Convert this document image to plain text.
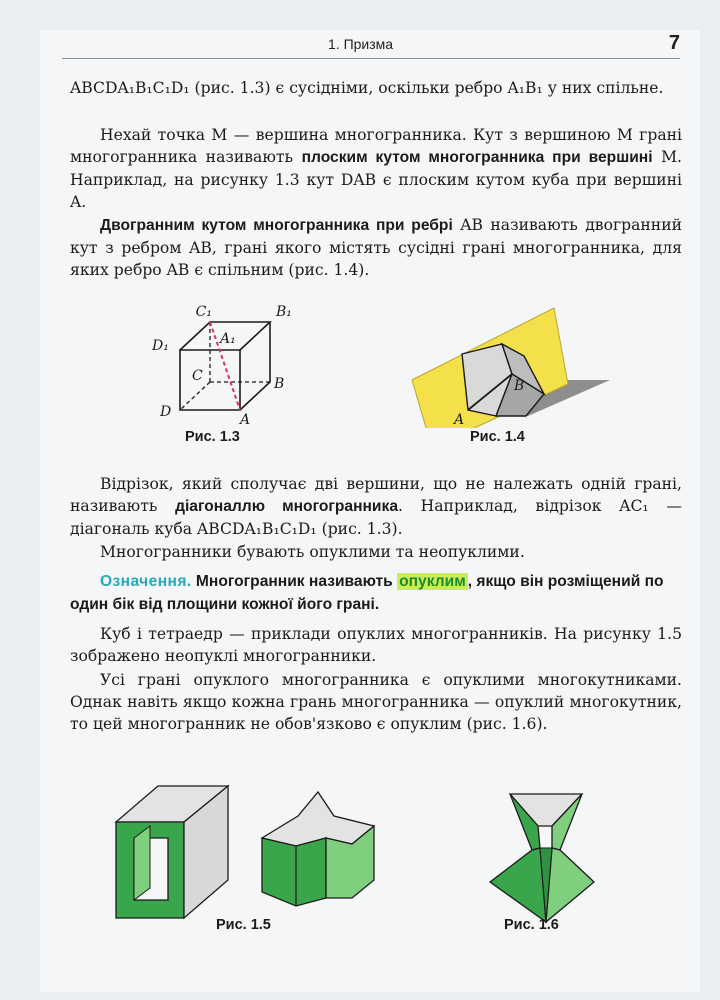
1. Призма	7

ABCDA₁B₁C₁D₁ (рис. 1.3) є сусідніми, оскільки ребро A₁B₁ у них спільне.

Нехай точка M — вершина многогранника. Кут з вершиною M грані многогранника називають плоским кутом многогранника при вершині M. Наприклад, на рисунку 1.3 кут DAB є плоским кутом куба при вершині A.

Двогранним кутом многогранника при ребрі AB називають двогранний кут з ребром AB, грані якого містять сусідні грані многогранника, для яких ребро AB є спільним (рис. 1.4).

C₁	B₁
A₁
D₁
C	B
D	A
Рис. 1.3
B
A
Рис. 1.4

Відрізок, який сполучає дві вершини, що не належать одній грані, називають діагоналлю многогранника. Наприклад, відрізок AC₁ — діагональ куба ABCDA₁B₁C₁D₁ (рис. 1.3).

Многогранники бувають опуклими та неопуклими.

Означення. Многогранник називають опуклим , якщо він розміщений по один бік від площини кожної його грані.

Куб і тетраедр — приклади опуклих многогранників. На рисунку 1.5 зображено неопуклі многогранники.

Усі грані опуклого многогранника є опуклими многокутниками. Однак навіть якщо кожна грань многогранника — опуклий многокутник, то цей многогранник не обов'язково є опуклим (рис. 1.6).

Рис. 1.5	Рис. 1.6
